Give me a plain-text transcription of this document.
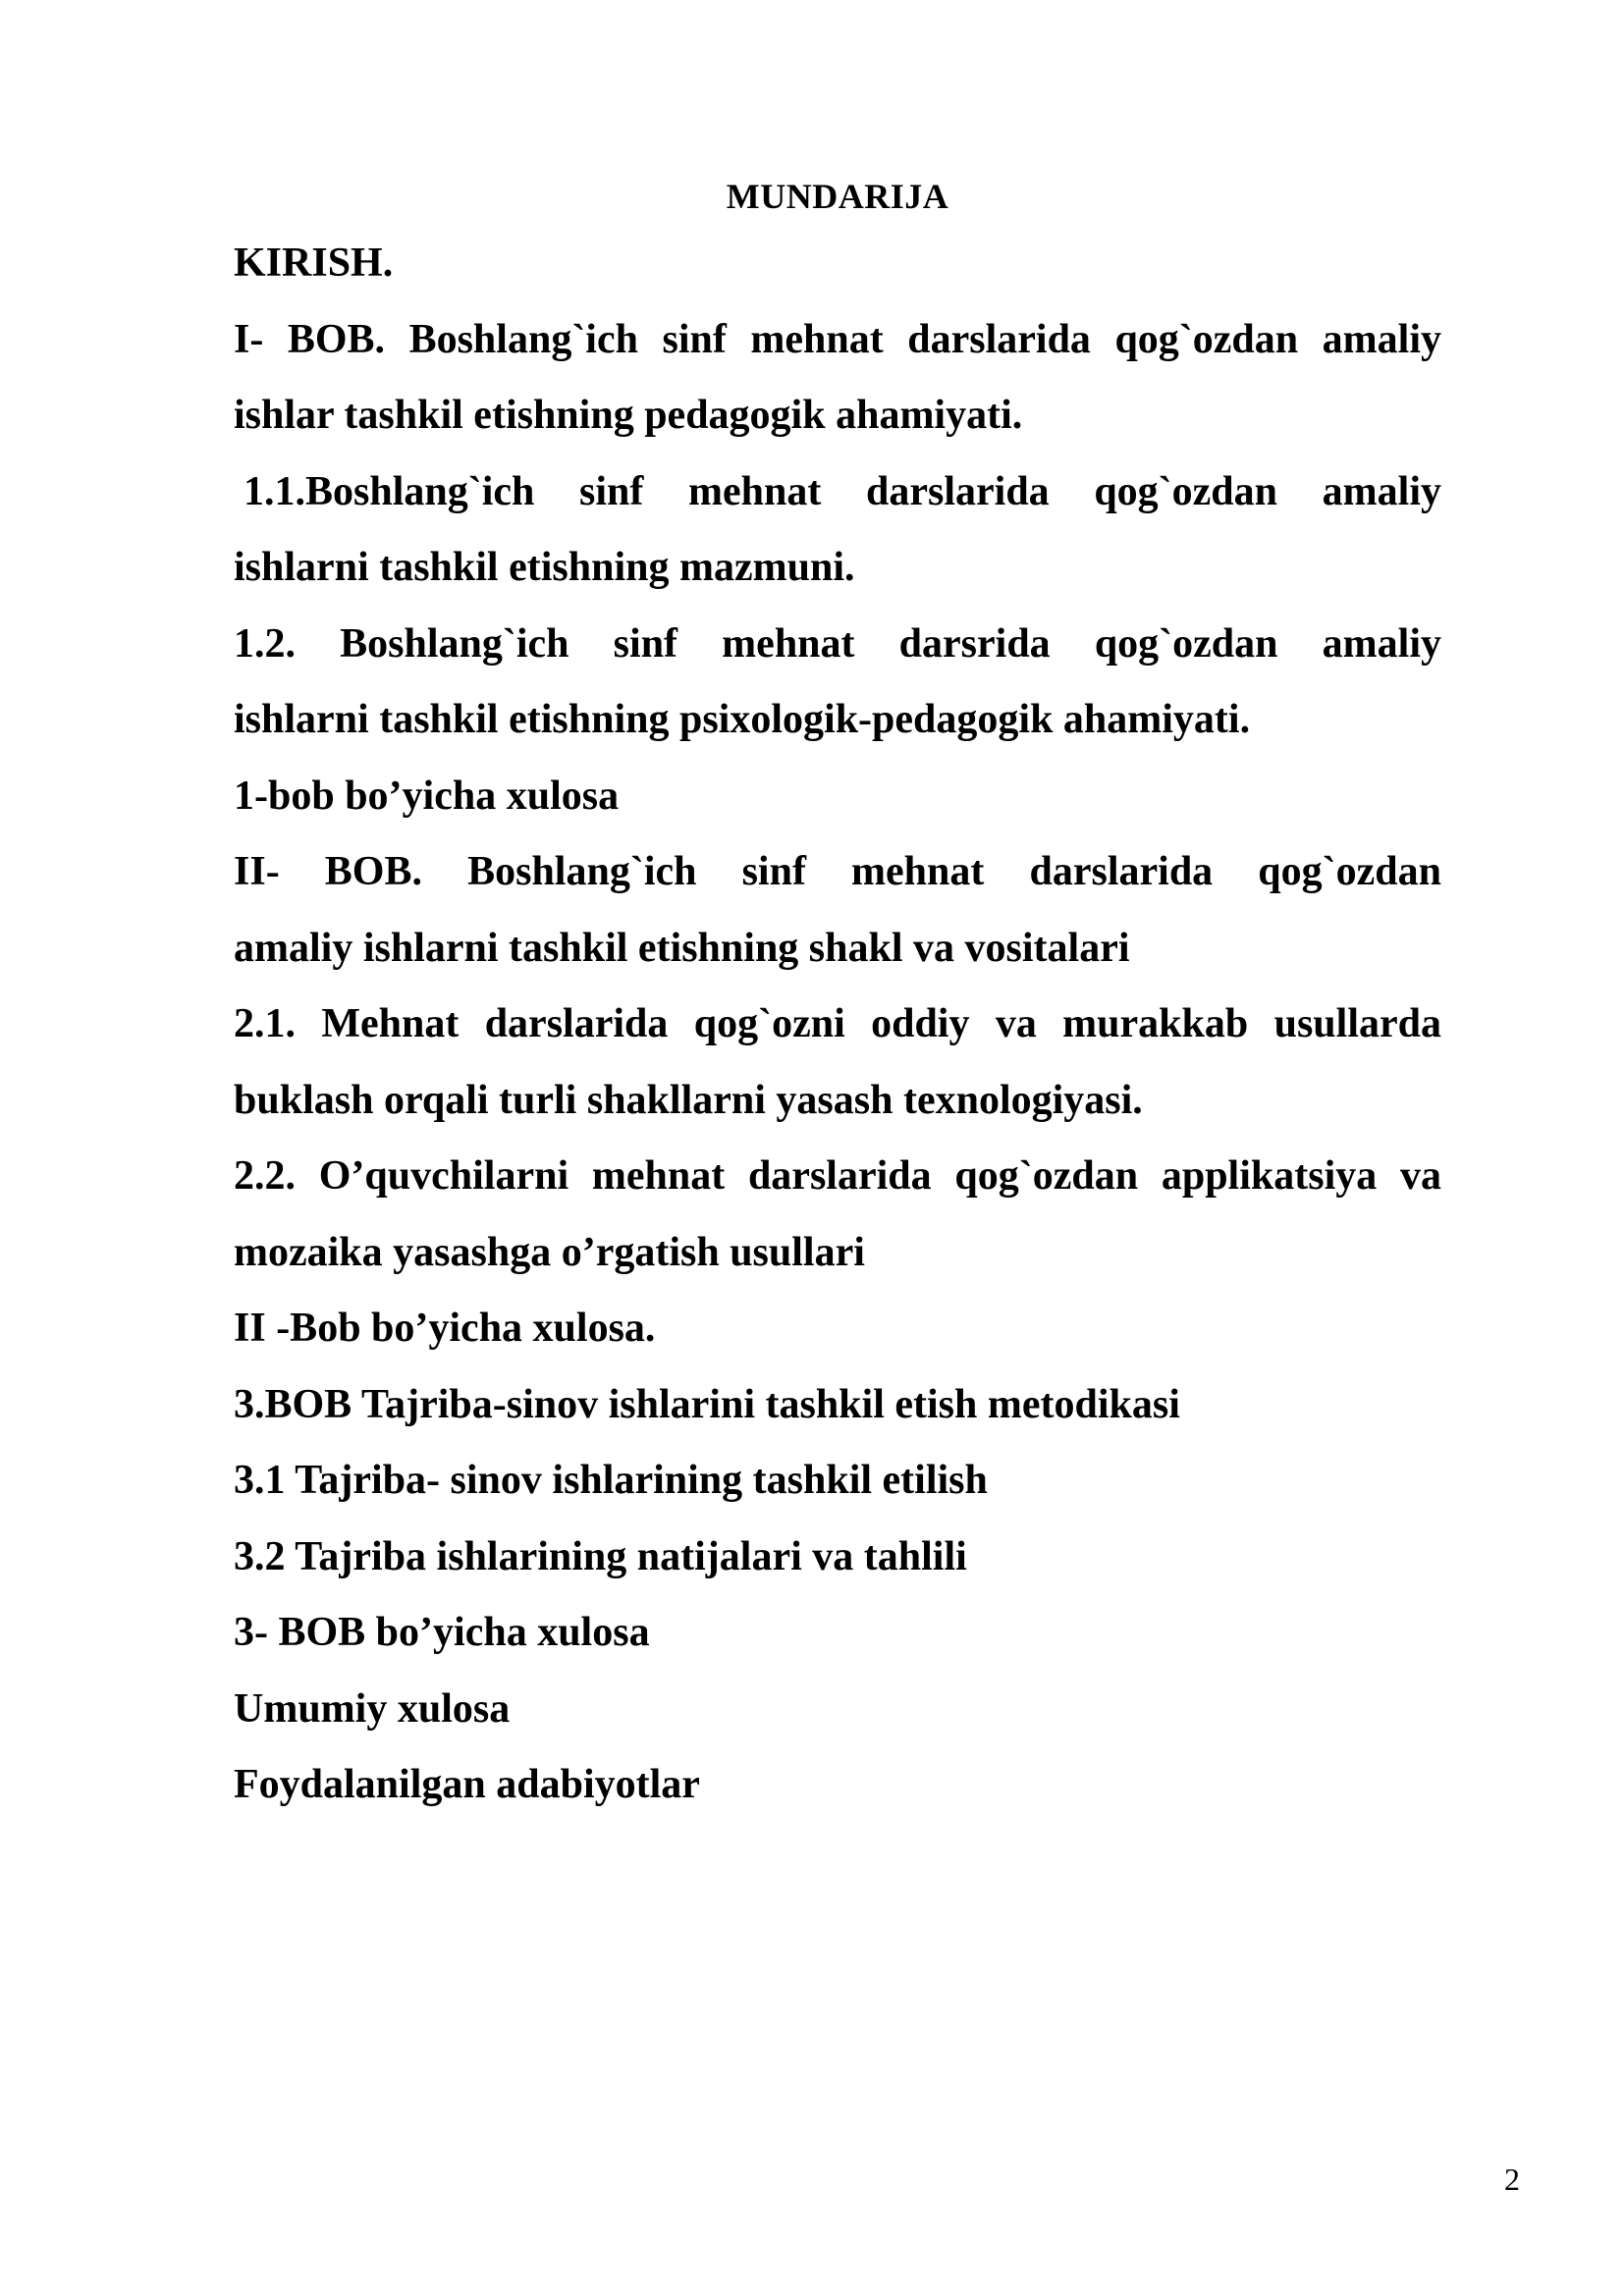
MUNDARIJA

KIRISH.

I- BOB. Boshlang`ich sinf mehnat darslarida qog`ozdan amaliy

ishlar tashkil etishning pedagogik ahamiyati.

1.1.Boshlang`ich sinf mehnat darslarida qog`ozdan amaliy

ishlarni tashkil etishning mazmuni.

1.2. Boshlang`ich sinf mehnat darsrida qog`ozdan amaliy

ishlarni tashkil etishning psixologik-pedagogik ahamiyati.

1-bob bo’yicha xulosa

II- BOB. Boshlang`ich sinf mehnat darslarida qog`ozdan

amaliy ishlarni tashkil etishning shakl va vositalari

2.1. Mehnat darslarida qog`ozni oddiy va murakkab usullarda

buklash orqali turli shakllarni yasash texnologiyasi.

2.2. O’quvchilarni mehnat darslarida qog`ozdan applikatsiya va

mozaika yasashga o’rgatish usullari

II -Bob bo’yicha xulosa.

3.BOB Tajriba-sinov ishlarini tashkil etish metodikasi

3.1 Tajriba- sinov ishlarining tashkil etilish

3.2 Tajriba ishlarining natijalari va tahlili

3- BOB bo’yicha xulosa

Umumiy xulosa

Foydalanilgan adabiyotlar

2
